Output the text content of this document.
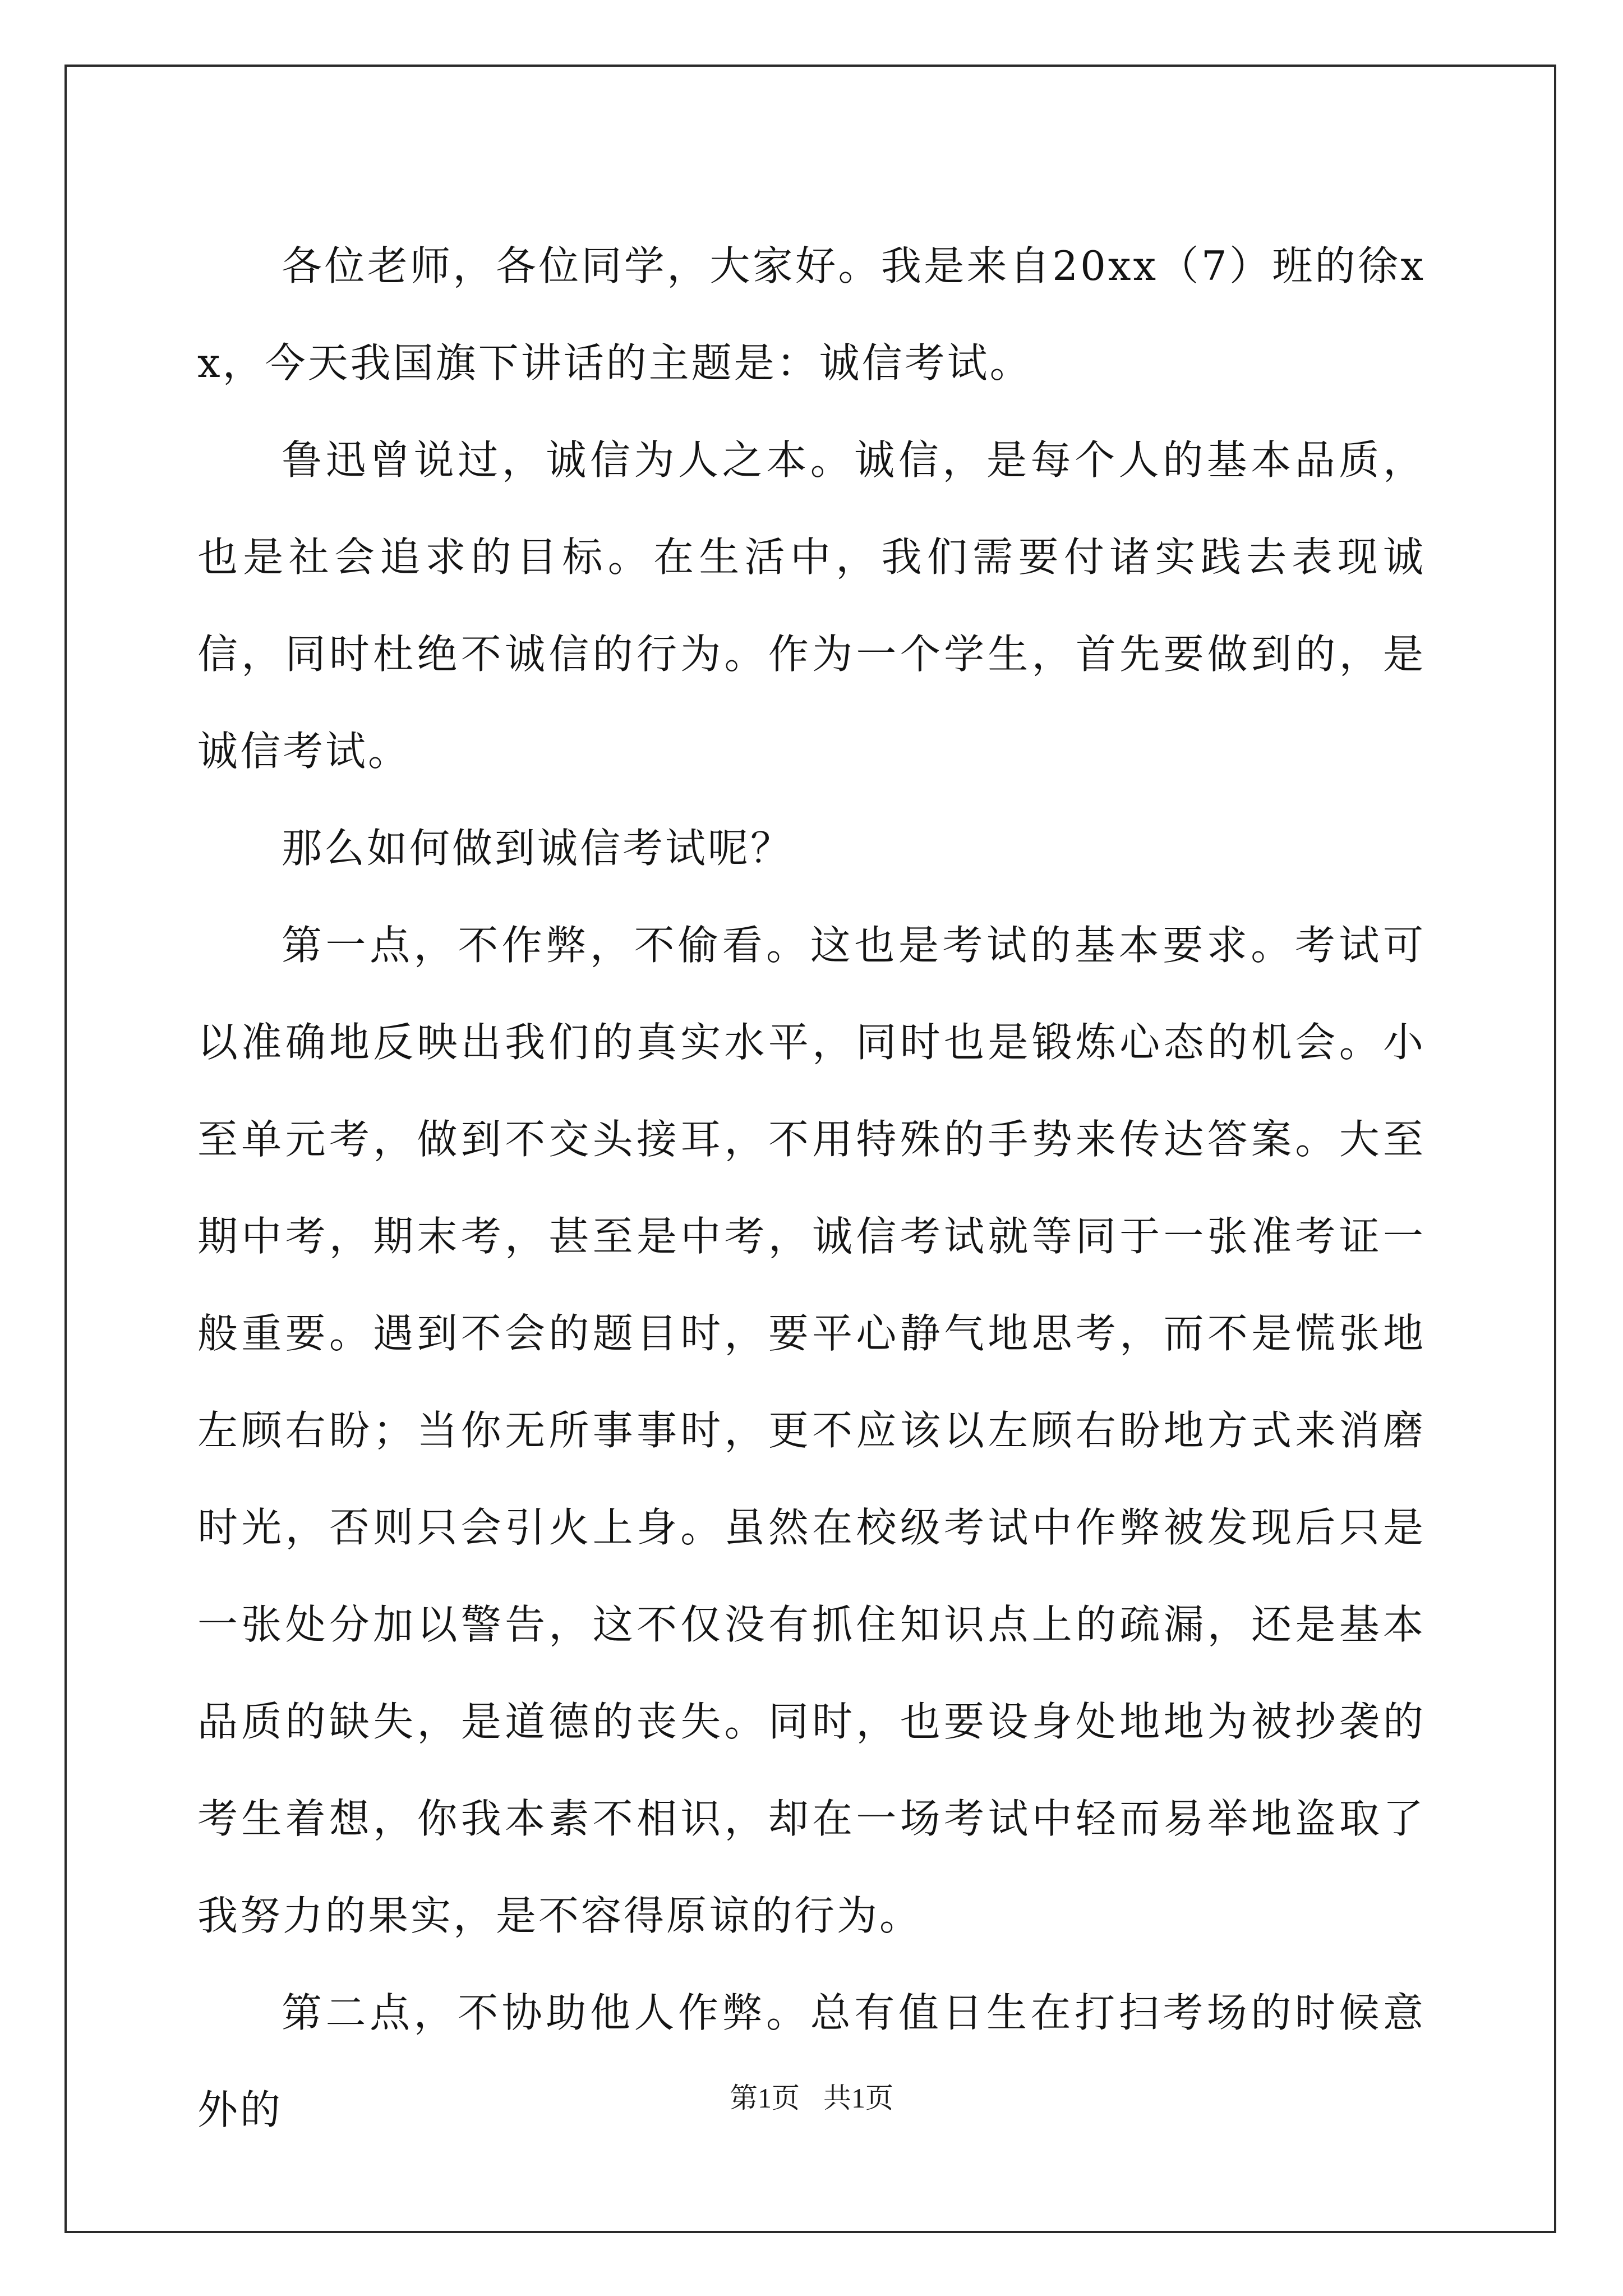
各位老师，各位同学，大家好。我是来自20xx（7）班的徐xx，今天我国旗下讲话的主题是：诚信考试。

鲁迅曾说过，诚信为人之本。诚信，是每个人的基本品质，也是社会追求的目标。在生活中，我们需要付诸实践去表现诚信，同时杜绝不诚信的行为。作为一个学生，首先要做到的，是诚信考试。

那么如何做到诚信考试呢？

第一点，不作弊，不偷看。这也是考试的基本要求。考试可以准确地反映出我们的真实水平，同时也是锻炼心态的机会。小至单元考，做到不交头接耳，不用特殊的手势来传达答案。大至期中考，期末考，甚至是中考，诚信考试就等同于一张准考证一般重要。遇到不会的题目时，要平心静气地思考，而不是慌张地左顾右盼；当你无所事事时，更不应该以左顾右盼地方式来消磨时光，否则只会引火上身。虽然在校级考试中作弊被发现后只是一张处分加以警告，这不仅没有抓住知识点上的疏漏，还是基本品质的缺失，是道德的丧失。同时，也要设身处地地为被抄袭的考生着想，你我本素不相识，却在一场考试中轻而易举地盗取了我努力的果实，是不容得原谅的行为。

第二点，不协助他人作弊。总有值日生在打扫考场的时候意外的	第1页 共1页
